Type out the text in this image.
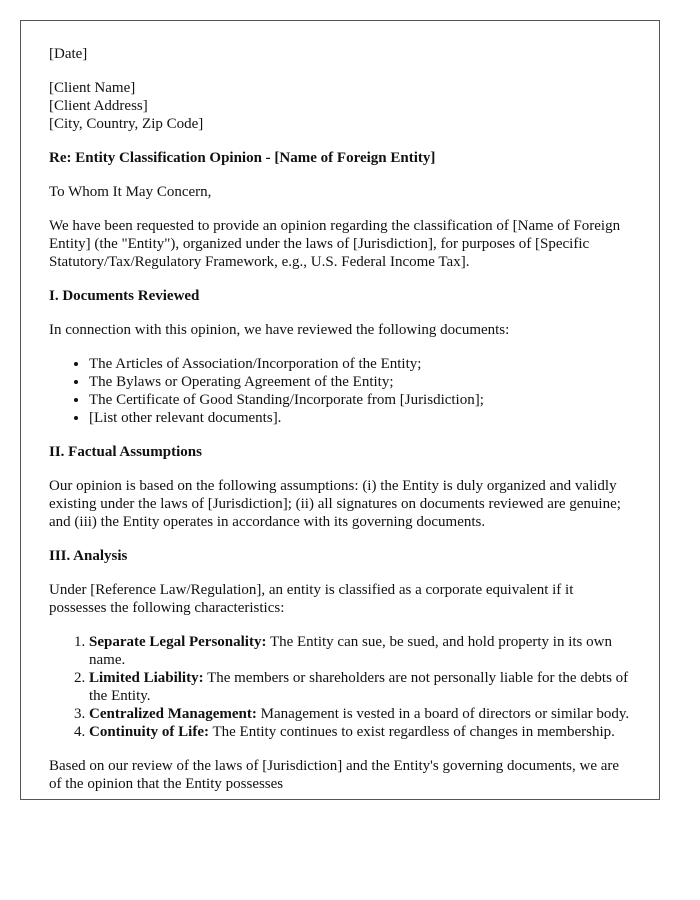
[Date]

[Client Name]
[Client Address]
[City, Country, Zip Code]

Re: Entity Classification Opinion - [Name of Foreign Entity]

To Whom It May Concern,

We have been requested to provide an opinion regarding the classification of [Name of Foreign Entity] (the "Entity"), organized under the laws of [Jurisdiction], for purposes of [Specific Statutory/Tax/Regulatory Framework, e.g., U.S. Federal Income Tax].

I. Documents Reviewed

In connection with this opinion, we have reviewed the following documents:

• The Articles of Association/Incorporation of the Entity;
• The Bylaws or Operating Agreement of the Entity;
• The Certificate of Good Standing/Incorporate from [Jurisdiction];
• [List other relevant documents].
II. Factual Assumptions

Our opinion is based on the following assumptions: (i) the Entity is duly organized and validly existing under the laws of [Jurisdiction]; (ii) all signatures on documents reviewed are genuine; and (iii) the Entity operates in accordance with its governing documents.

III. Analysis

Under [Reference Law/Regulation], an entity is classified as a corporate equivalent if it possesses the following characteristics:

1. Separate Legal Personality: The Entity can sue, be sued, and hold property in its own name.
2. Limited Liability: The members or shareholders are not personally liable for the debts of the Entity.
3. Centralized Management: Management is vested in a board of directors or similar body.
4. Continuity of Life: The Entity continues to exist regardless of changes in membership.

Based on our review of the laws of [Jurisdiction] and the Entity's governing documents, we are of the opinion that the Entity possesses
